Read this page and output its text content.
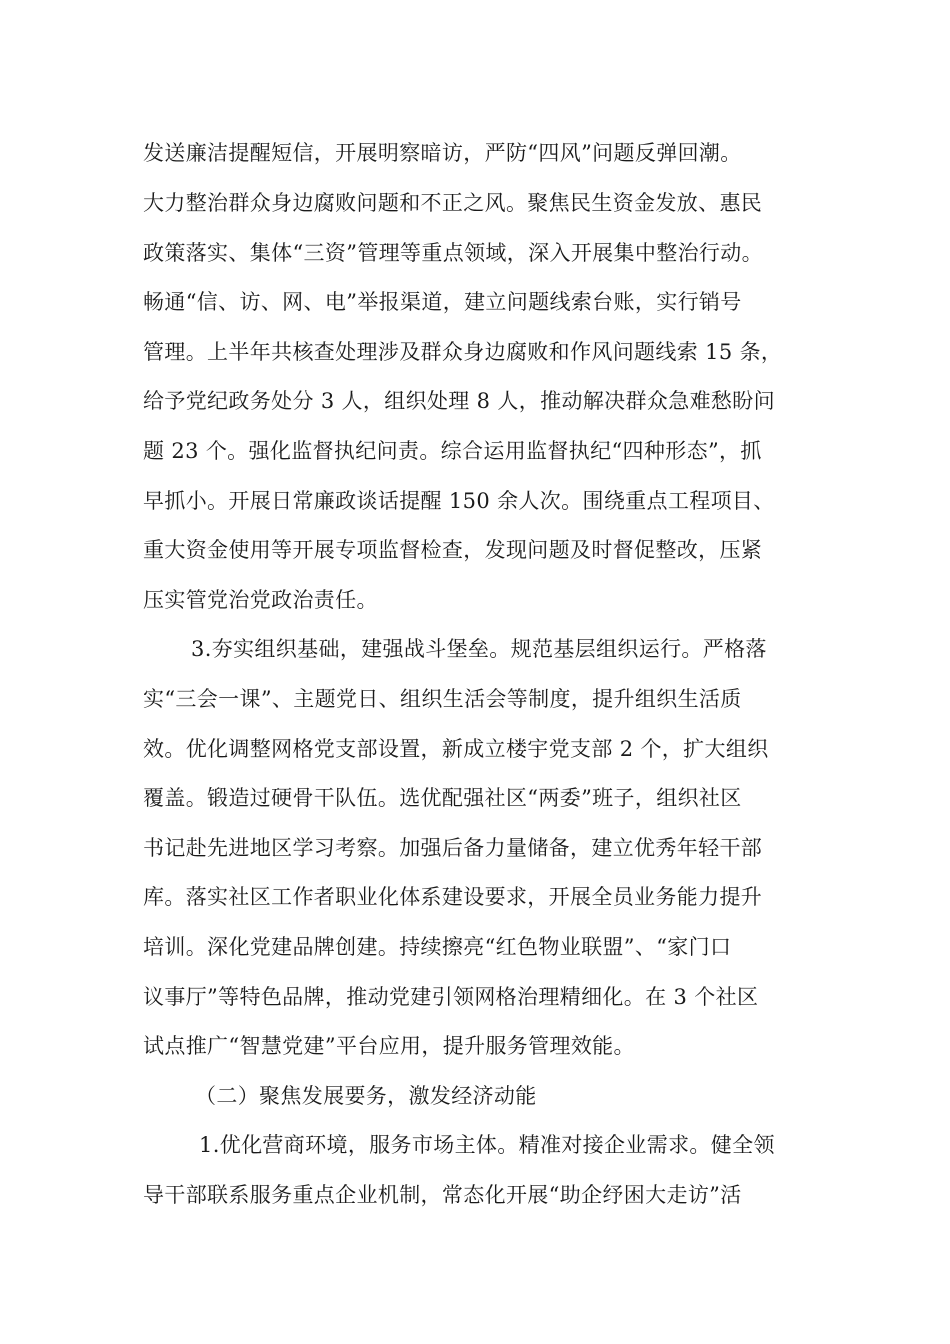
发送廉洁提醒短信，开展明察暗访，严防“四风”问题反弹回潮。
大力整治群众身边腐败问题和不正之风。聚焦民生资金发放、惠民
政策落实、集体“三资”管理等重点领域，深入开展集中整治行动。
畅通“信、访、网、电”举报渠道，建立问题线索台账，实行销号
管理。上半年共核查处理涉及群众身边腐败和作风问题线索 15 条，
给予党纪政务处分 3 人，组织处理 8 人，推动解决群众急难愁盼问
题 23 个。强化监督执纪问责。综合运用监督执纪“四种形态”，抓
早抓小。开展日常廉政谈话提醒 150 余人次。围绕重点工程项目、
重大资金使用等开展专项监督检查，发现问题及时督促整改，压紧
压实管党治党政治责任。
3.夯实组织基础，建强战斗堡垒。规范基层组织运行。严格落
实“三会一课”、主题党日、组织生活会等制度，提升组织生活质
效。优化调整网格党支部设置，新成立楼宇党支部 2 个，扩大组织
覆盖。锻造过硬骨干队伍。选优配强社区“两委”班子，组织社区
书记赴先进地区学习考察。加强后备力量储备，建立优秀年轻干部
库。落实社区工作者职业化体系建设要求，开展全员业务能力提升
培训。深化党建品牌创建。持续擦亮“红色物业联盟”、“家门口
议事厅”等特色品牌，推动党建引领网格治理精细化。在 3 个社区
试点推广“智慧党建”平台应用，提升服务管理效能。
（二）聚焦发展要务，激发经济动能
1.优化营商环境，服务市场主体。精准对接企业需求。健全领
导干部联系服务重点企业机制，常态化开展“助企纾困大走访”活
